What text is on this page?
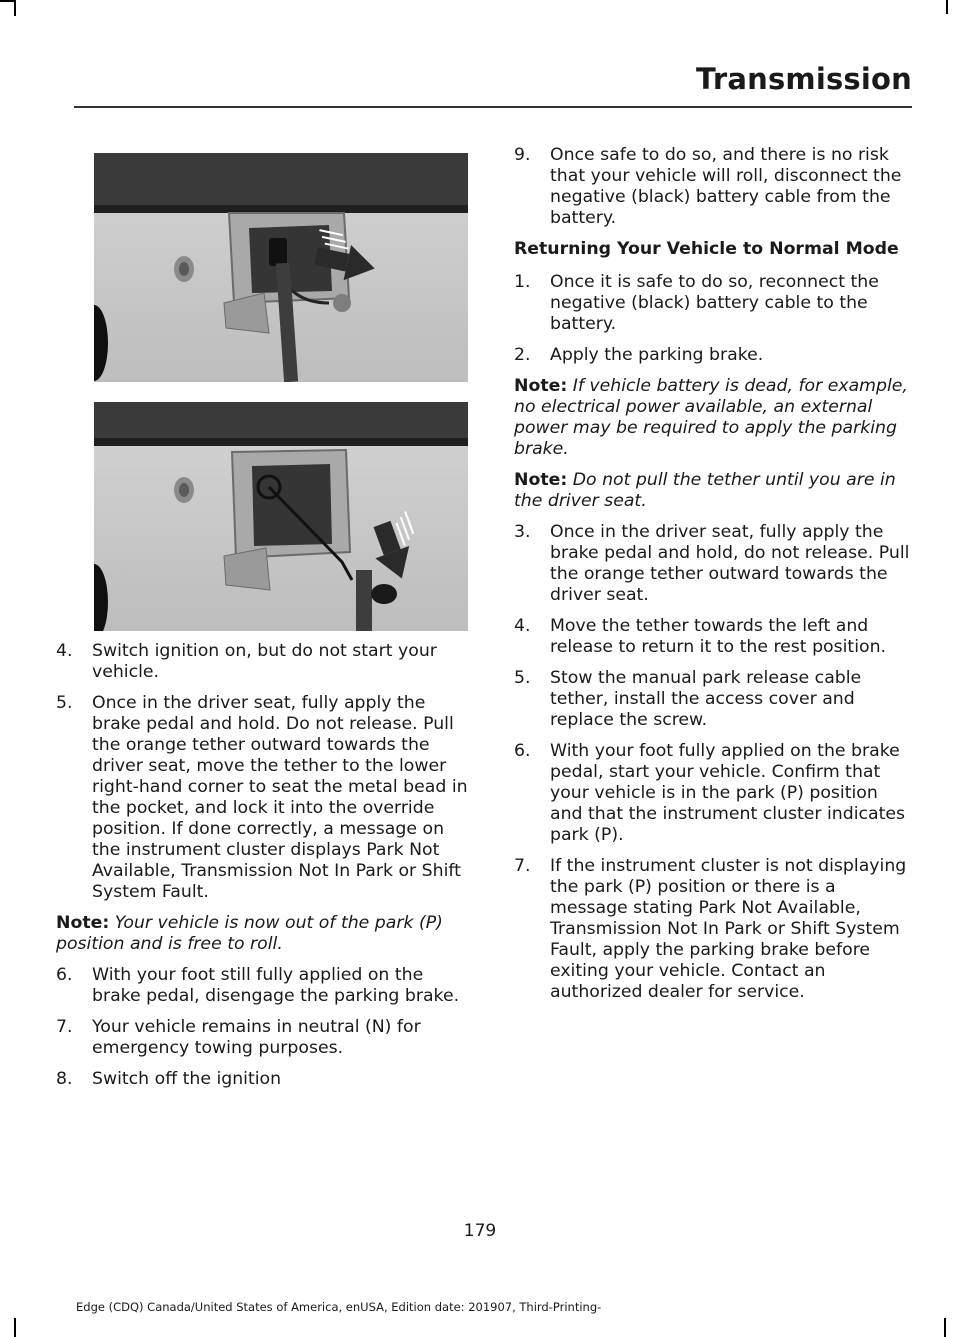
Transmission
4. Switch ignition on, but do not start your vehicle.
5. Once in the driver seat, fully apply the brake pedal and hold. Do not release. Pull the orange tether outward towards the driver seat, move the tether to the lower right-hand corner to seat the metal bead in the pocket, and lock it into the override position. If done correctly, a message on the instrument cluster displays Park Not Available, Transmission Not In Park or Shift System Fault.

Note: Your vehicle is now out of the park (P) position and is free to roll.

6. With your foot still fully applied on the brake pedal, disengage the parking brake.
7. Your vehicle remains in neutral (N) for emergency towing purposes.
8. Switch off the ignition
9. Once safe to do so, and there is no risk that your vehicle will roll, disconnect the negative (black) battery cable from the battery.
Returning Your Vehicle to Normal Mode
1. Once it is safe to do so, reconnect the negative (black) battery cable to the battery.
2. Apply the parking brake.

Note: If vehicle battery is dead, for example, no electrical power available, an external power may be required to apply the parking brake.

Note: Do not pull the tether until you are in the driver seat.

3. Once in the driver seat, fully apply the brake pedal and hold, do not release. Pull the orange tether outward towards the driver seat.
4. Move the tether towards the left and release to return it to the rest position.
5. Stow the manual park release cable tether, install the access cover and replace the screw.
6. With your foot fully applied on the brake pedal, start your vehicle. Confirm that your vehicle is in the park (P) position and that the instrument cluster indicates park (P).
7. If the instrument cluster is not displaying the park (P) position or there is a message stating Park Not Available, Transmission Not In Park or Shift System Fault, apply the parking brake before exiting your vehicle. Contact an authorized dealer for service.
179
Edge (CDQ) Canada/United States of America, enUSA, Edition date: 201907, Third-Printing-
